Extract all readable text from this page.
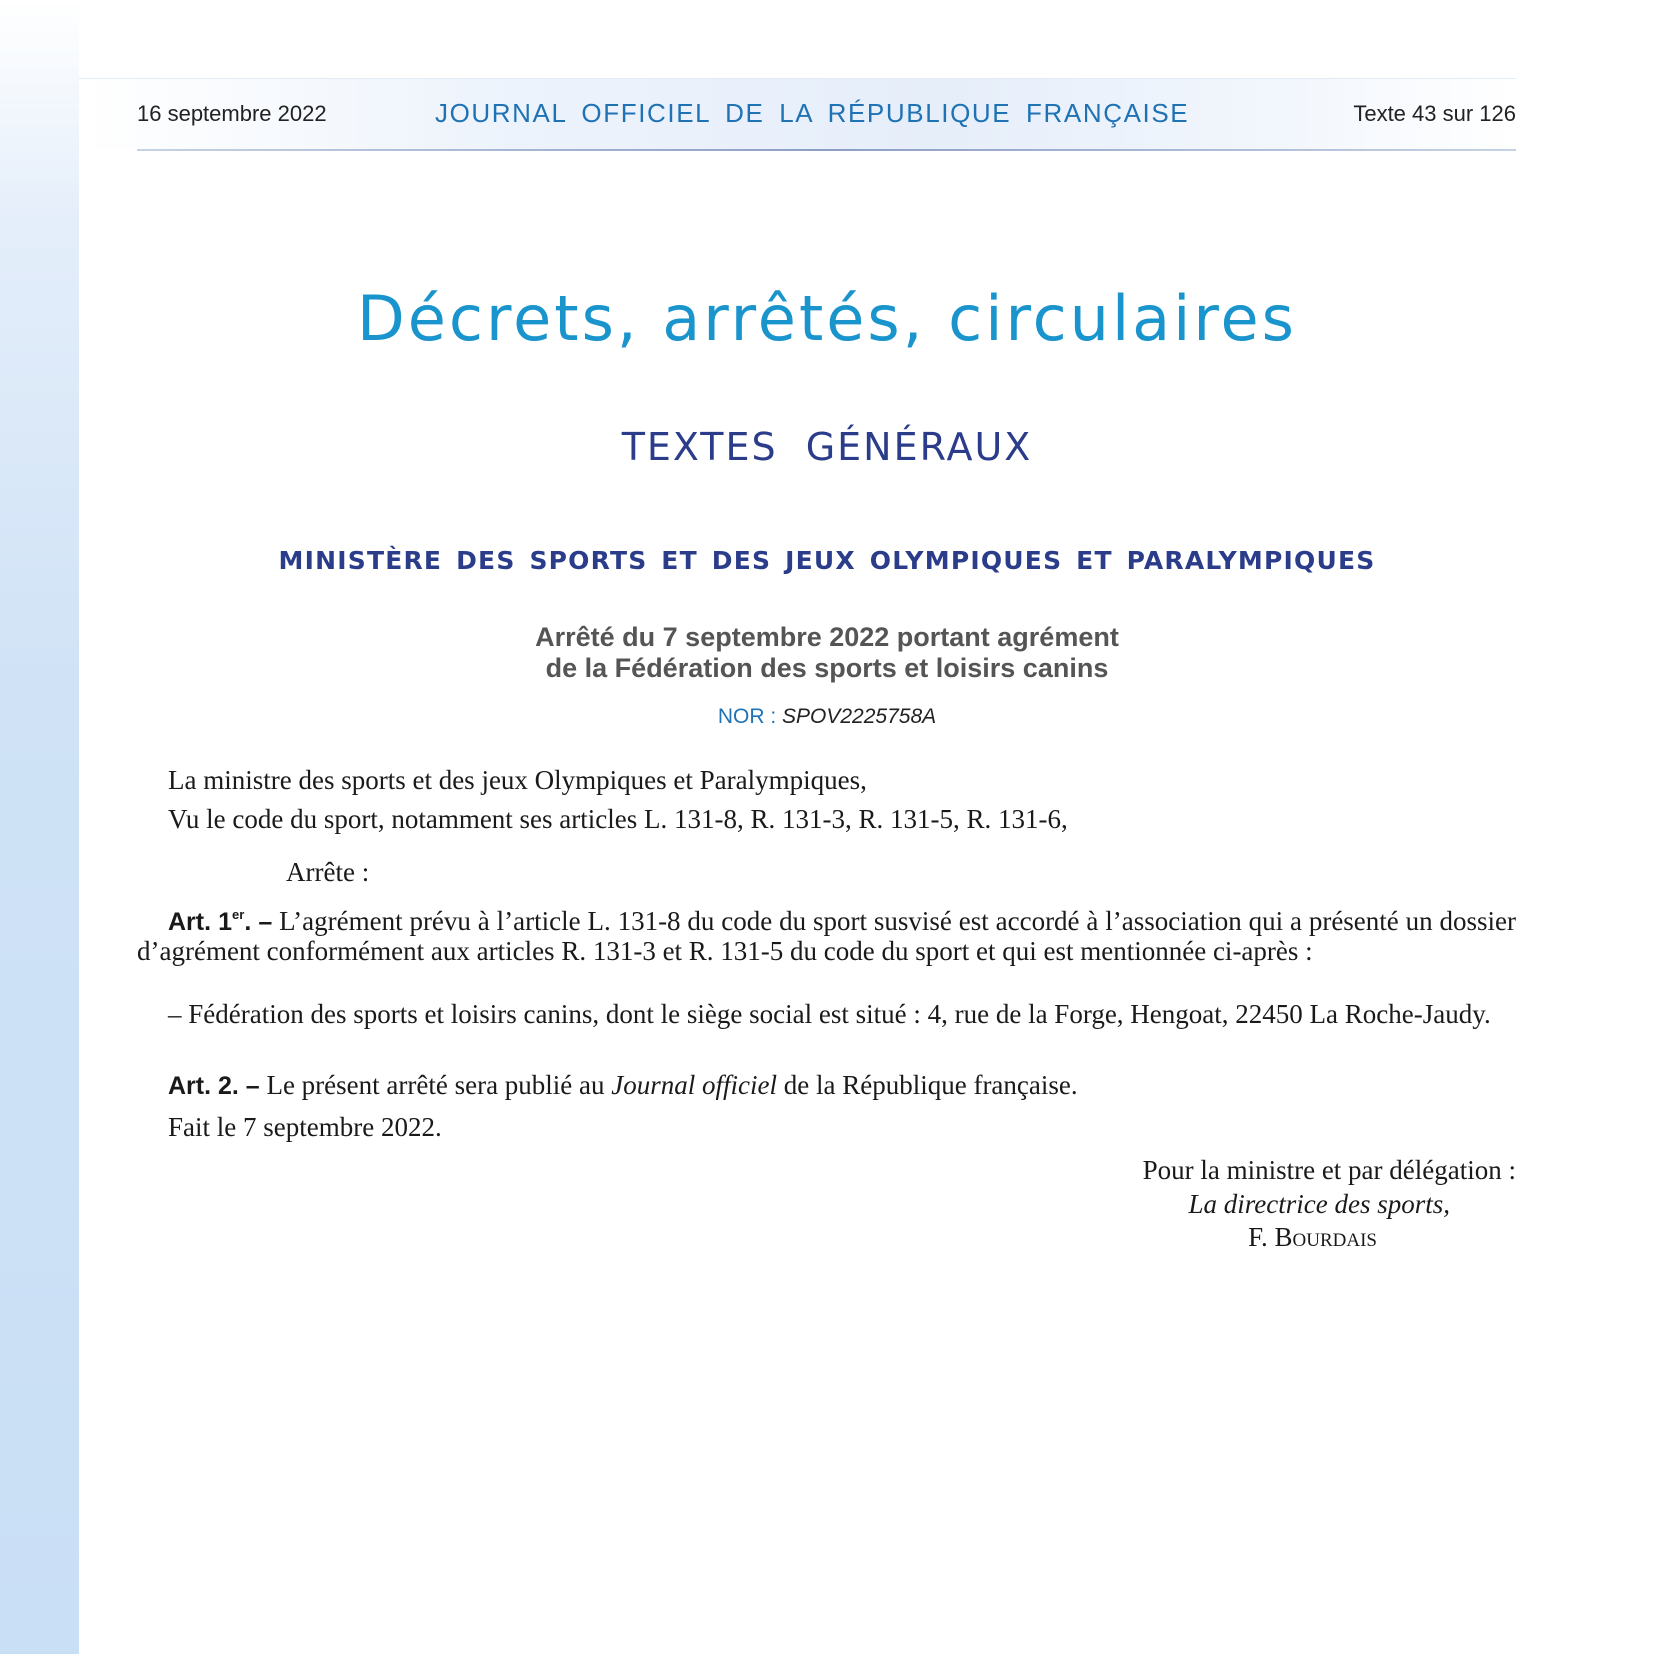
16 septembre 2022	JOURNAL OFFICIEL DE LA RÉPUBLIQUE FRANÇAISE	Texte 43 sur 126
Décrets, arrêtés, circulaires
TEXTES GÉNÉRAUX
MINISTÈRE DES SPORTS ET DES JEUX OLYMPIQUES ET PARALYMPIQUES
Arrêté du 7 septembre 2022 portant agrément
de la Fédération des sports et loisirs canins
NOR : SPOV2225758A

La ministre des sports et des jeux Olympiques et Paralympiques,

Vu le code du sport, notamment ses articles L. 131-8, R. 131-3, R. 131-5, R. 131-6,

Arrête :

Art. 1er. – L’agrément prévu à l’article L. 131-8 du code du sport susvisé est accordé à l’association qui a présenté un dossier d’agrément conformément aux articles R. 131-3 et R. 131-5 du code du sport et qui est mentionnée ci-après :

– Fédération des sports et loisirs canins, dont le siège social est situé : 4, rue de la Forge, Hengoat, 22450 La Roche-Jaudy.

Art. 2. – Le présent arrêté sera publié au Journal officiel de la République française.

Fait le 7 septembre 2022.

Pour la ministre et par délégation :
La directrice des sports,
F. Bourdais
